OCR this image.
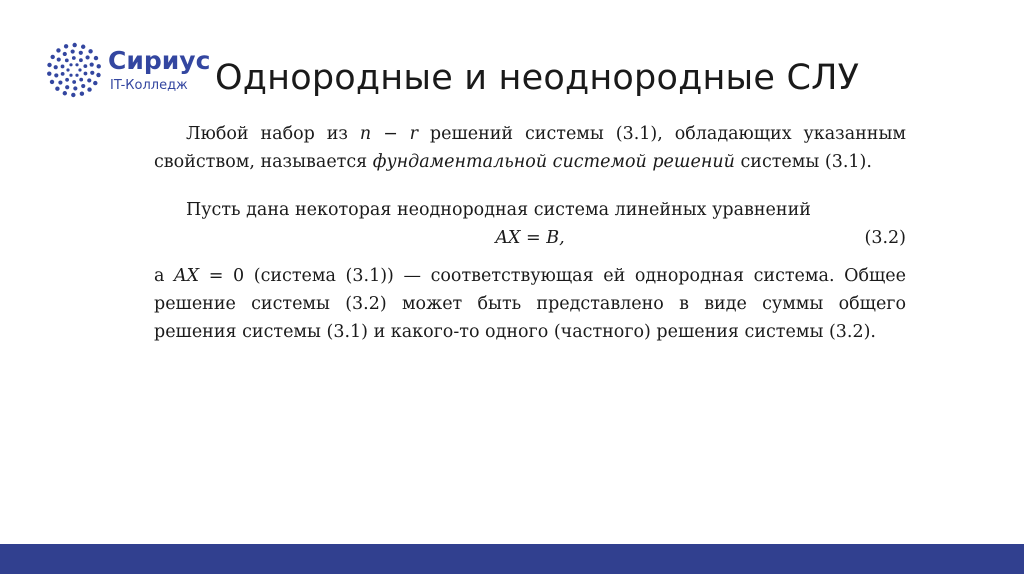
Сириус
IT-Колледж Однородные и неоднородные СЛУ

Любой набор из n − r решений системы (3.1), обладающих указанным свойством, называется фундаментальной системой решений системы (3.1).

Пусть дана некоторая неоднородная система линейных уравнений

AX = B,	(3.2)

а AX = 0 (система (3.1)) — соответствующая ей однородная система. Общее решение системы (3.2) может быть представлено в виде суммы общего решения системы (3.1) и какого-то одного (частного) решения системы (3.2).
